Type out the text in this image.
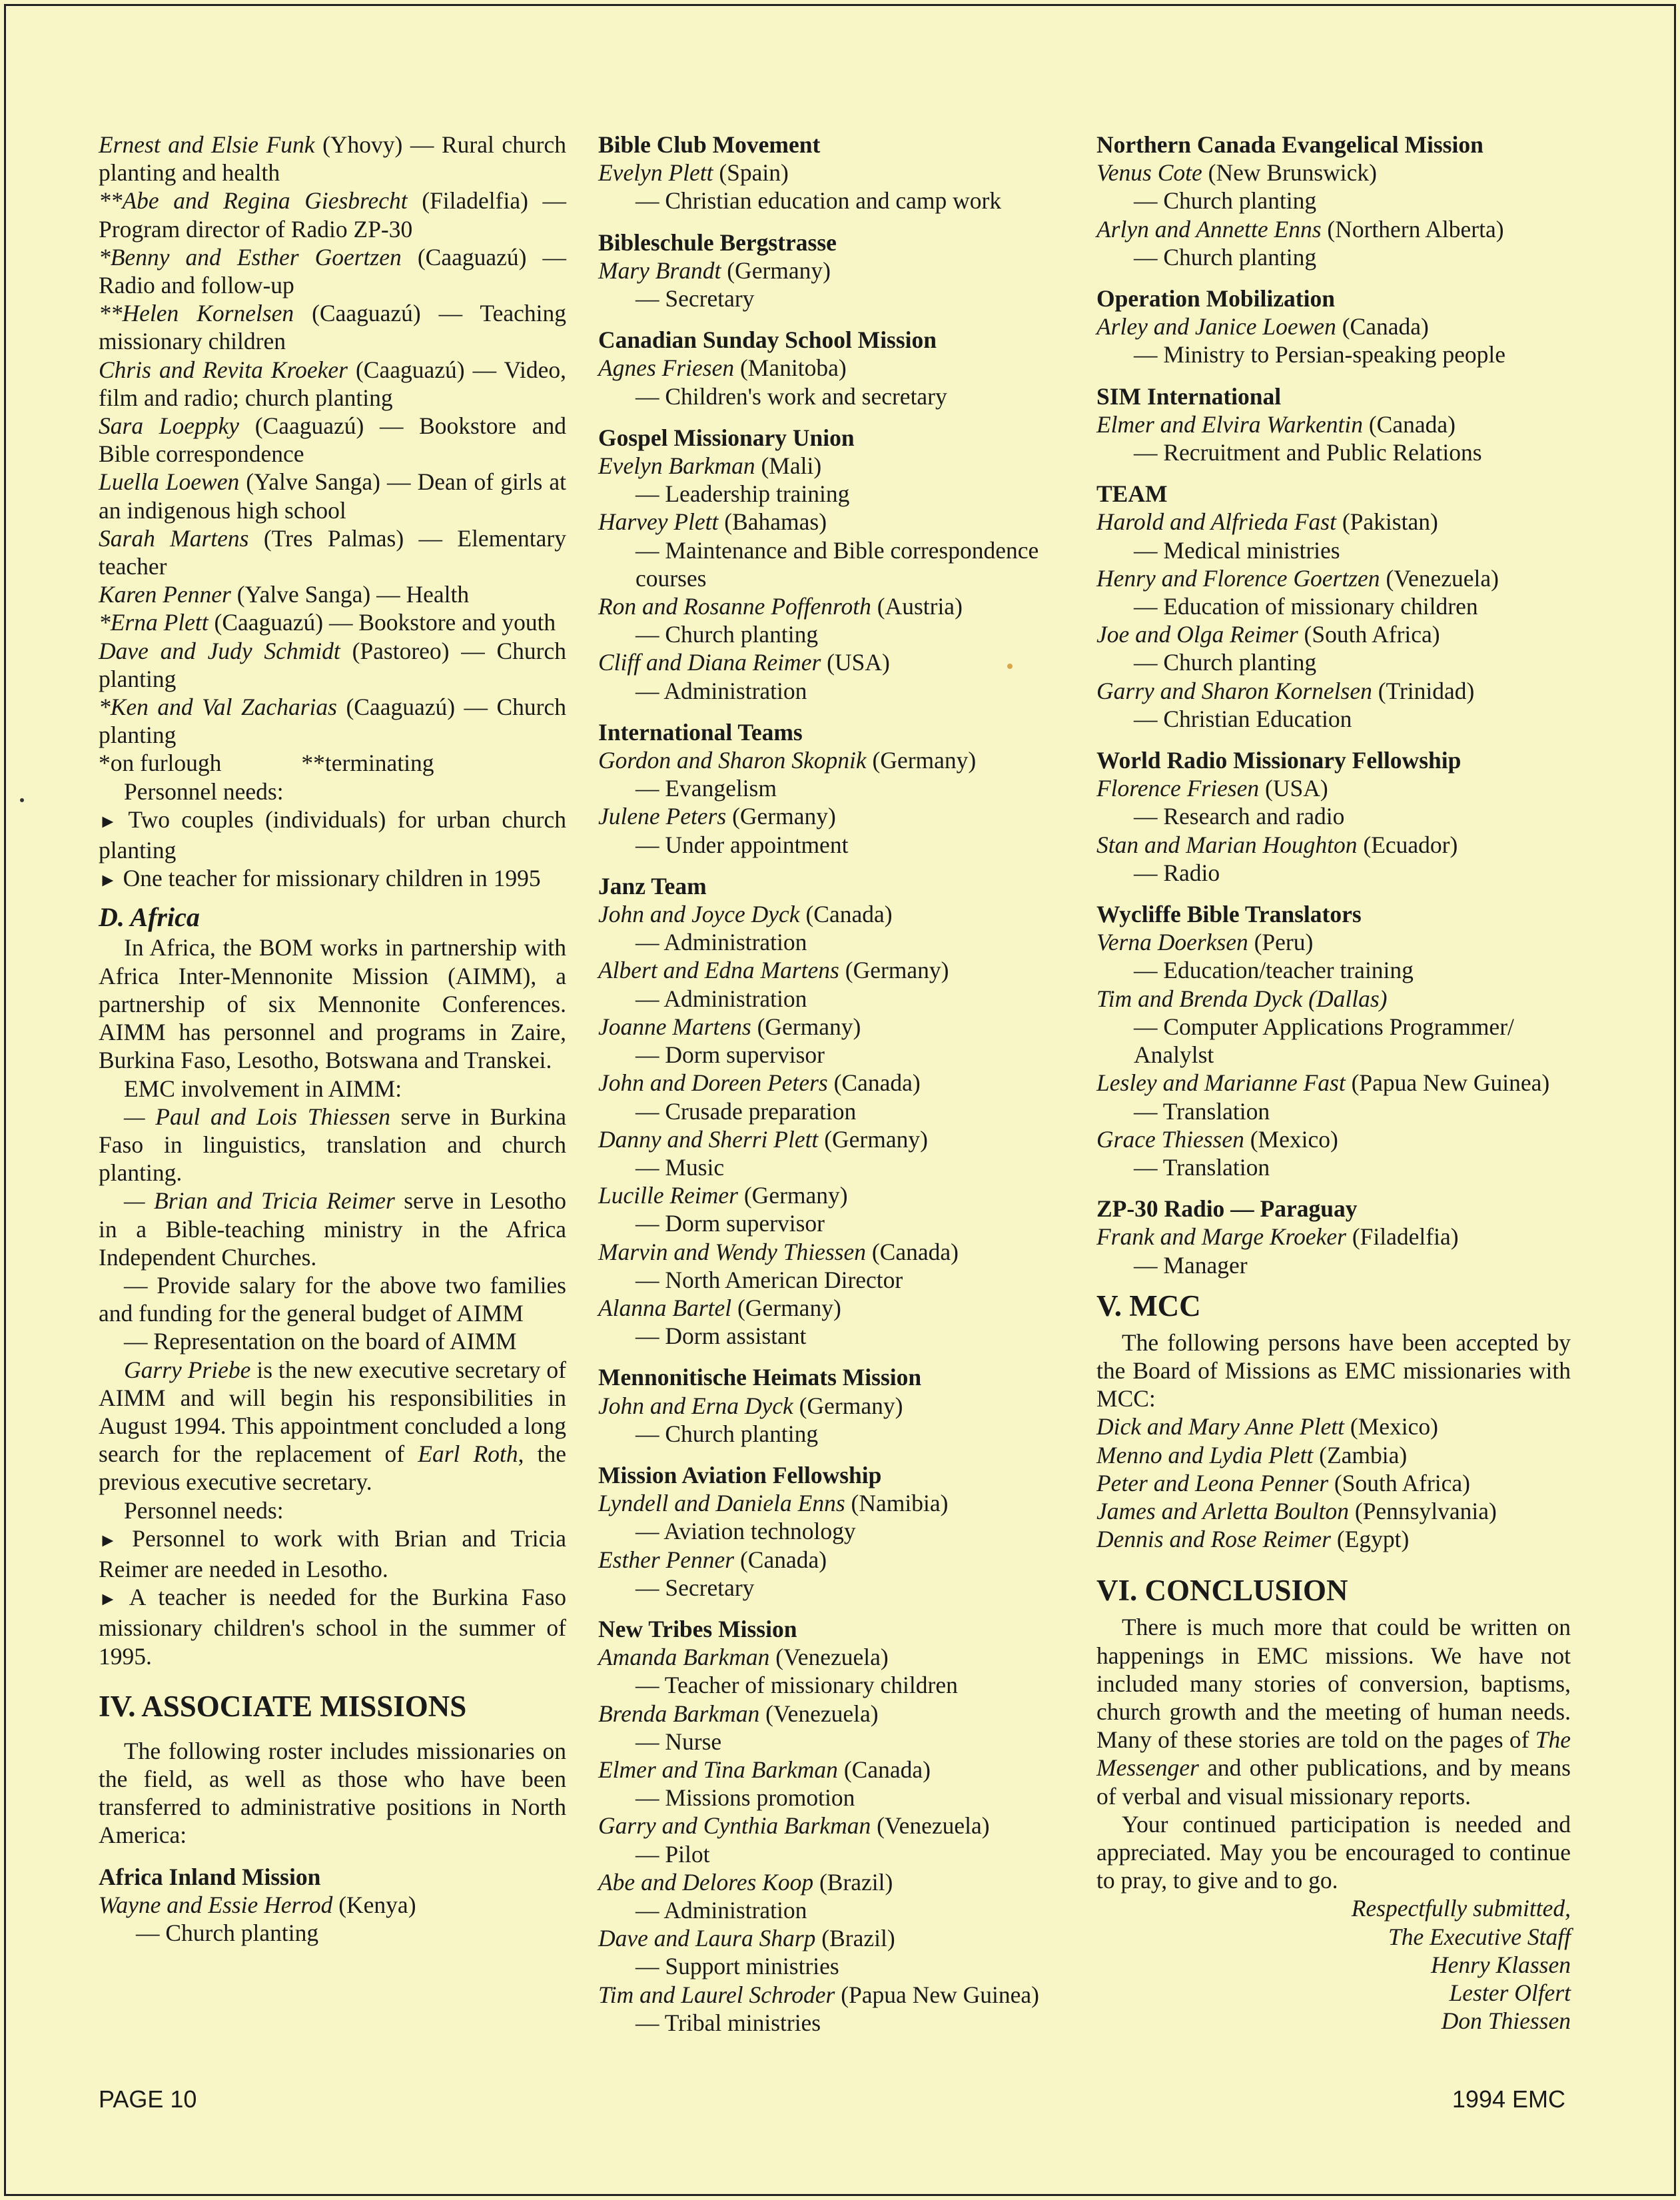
Ernest and Elsie Funk (Yhovy) — Rural church planting and health
**Abe and Regina Giesbrecht (Filadelfia) — Program director of Radio ZP-30
*Benny and Esther Goertzen (Caaguazú) — Radio and follow-up
**Helen Kornelsen (Caaguazú) — Teaching missionary children
Chris and Revita Kroeker (Caaguazú) — Video, film and radio; church planting
Sara Loeppky (Caaguazú) — Bookstore and Bible correspondence
Luella Loewen (Yalve Sanga) — Dean of girls at an indigenous high school
Sarah Martens (Tres Palmas) — Elementary teacher
Karen Penner (Yalve Sanga) — Health
*Erna Plett (Caaguazú) — Bookstore and youth
Dave and Judy Schmidt (Pastoreo) — Church planting
*Ken and Val Zacharias (Caaguazú) — Church planting
*on furlough	**terminating
Personnel needs:
► Two couples (individuals) for urban church planting
► One teacher for missionary children in 1995
D. Africa
In Africa, the BOM works in partnership with Africa Inter-Mennonite Mission (AIMM), a partnership of six Mennonite Conferences. AIMM has personnel and programs in Zaire, Burkina Faso, Lesotho, Botswana and Transkei.
EMC involvement in AIMM:
— Paul and Lois Thiessen serve in Burkina Faso in linguistics, translation and church planting.
— Brian and Tricia Reimer serve in Lesotho in a Bible-teaching ministry in the Africa Independent Churches.
— Provide salary for the above two families and funding for the general budget of AIMM
— Representation on the board of AIMM
Garry Priebe is the new executive secretary of AIMM and will begin his responsibilities in August 1994. This appointment concluded a long search for the replacement of Earl Roth, the previous executive secretary.
Personnel needs:
► Personnel to work with Brian and Tricia Reimer are needed in Lesotho.
► A teacher is needed for the Burkina Faso missionary children's school in the summer of 1995.
IV. ASSOCIATE MISSIONS
The following roster includes missionaries on the field, as well as those who have been transferred to administrative positions in North America:
Africa Inland Mission
Wayne and Essie Herrod (Kenya)
— Church planting
Bible Club Movement
Evelyn Plett (Spain)
— Christian education and camp work
Bibleschule Bergstrasse
Mary Brandt (Germany)
— Secretary
Canadian Sunday School Mission
Agnes Friesen (Manitoba)
— Children's work and secretary
Gospel Missionary Union
Evelyn Barkman (Mali)
— Leadership training
Harvey Plett (Bahamas)
— Maintenance and Bible correspondence courses
Ron and Rosanne Poffenroth (Austria)
— Church planting
Cliff and Diana Reimer (USA)
— Administration
International Teams
Gordon and Sharon Skopnik (Germany)
— Evangelism
Julene Peters (Germany)
— Under appointment
Janz Team
John and Joyce Dyck (Canada)
— Administration
Albert and Edna Martens (Germany)
— Administration
Joanne Martens (Germany)
— Dorm supervisor
John and Doreen Peters (Canada)
— Crusade preparation
Danny and Sherri Plett (Germany)
— Music
Lucille Reimer (Germany)
— Dorm supervisor
Marvin and Wendy Thiessen (Canada)
— North American Director
Alanna Bartel (Germany)
— Dorm assistant
Mennonitische Heimats Mission
John and Erna Dyck (Germany)
— Church planting
Mission Aviation Fellowship
Lyndell and Daniela Enns (Namibia)
— Aviation technology
Esther Penner (Canada)
— Secretary
New Tribes Mission
Amanda Barkman (Venezuela)
— Teacher of missionary children
Brenda Barkman (Venezuela)
— Nurse
Elmer and Tina Barkman (Canada)
— Missions promotion
Garry and Cynthia Barkman (Venezuela)
— Pilot
Abe and Delores Koop (Brazil)
— Administration
Dave and Laura Sharp (Brazil)
— Support ministries
Tim and Laurel Schroder (Papua New Guinea)
— Tribal ministries
Northern Canada Evangelical Mission
Venus Cote (New Brunswick)
— Church planting
Arlyn and Annette Enns (Northern Alberta)
— Church planting
Operation Mobilization
Arley and Janice Loewen (Canada)
— Ministry to Persian-speaking people
SIM International
Elmer and Elvira Warkentin (Canada)
— Recruitment and Public Relations
TEAM
Harold and Alfrieda Fast (Pakistan)
— Medical ministries
Henry and Florence Goertzen (Venezuela)
— Education of missionary children
Joe and Olga Reimer (South Africa)
— Church planting
Garry and Sharon Kornelsen (Trinidad)
— Christian Education
World Radio Missionary Fellowship
Florence Friesen (USA)
— Research and radio
Stan and Marian Houghton (Ecuador)
— Radio
Wycliffe Bible Translators
Verna Doerksen (Peru)
— Education/teacher training
Tim and Brenda Dyck (Dallas)
— Computer Applications Programmer/ Analylst
Lesley and Marianne Fast (Papua New Guinea)
— Translation
Grace Thiessen (Mexico)
— Translation
ZP-30 Radio — Paraguay
Frank and Marge Kroeker (Filadelfia)
— Manager
V. MCC
The following persons have been accepted by the Board of Missions as EMC missionaries with MCC:
Dick and Mary Anne Plett (Mexico)
Menno and Lydia Plett (Zambia)
Peter and Leona Penner (South Africa)
James and Arletta Boulton (Pennsylvania)
Dennis and Rose Reimer (Egypt)
VI. CONCLUSION
There is much more that could be written on happenings in EMC missions. We have not included many stories of conversion, baptisms, church growth and the meeting of human needs. Many of these stories are told on the pages of The Messenger and other publications, and by means of verbal and visual missionary reports.
Your continued participation is needed and appreciated. May you be encouraged to continue to pray, to give and to go.
Respectfully submitted,
The Executive Staff
Henry Klassen
Lester Olfert
Don Thiessen
PAGE 10	1994 EMC
